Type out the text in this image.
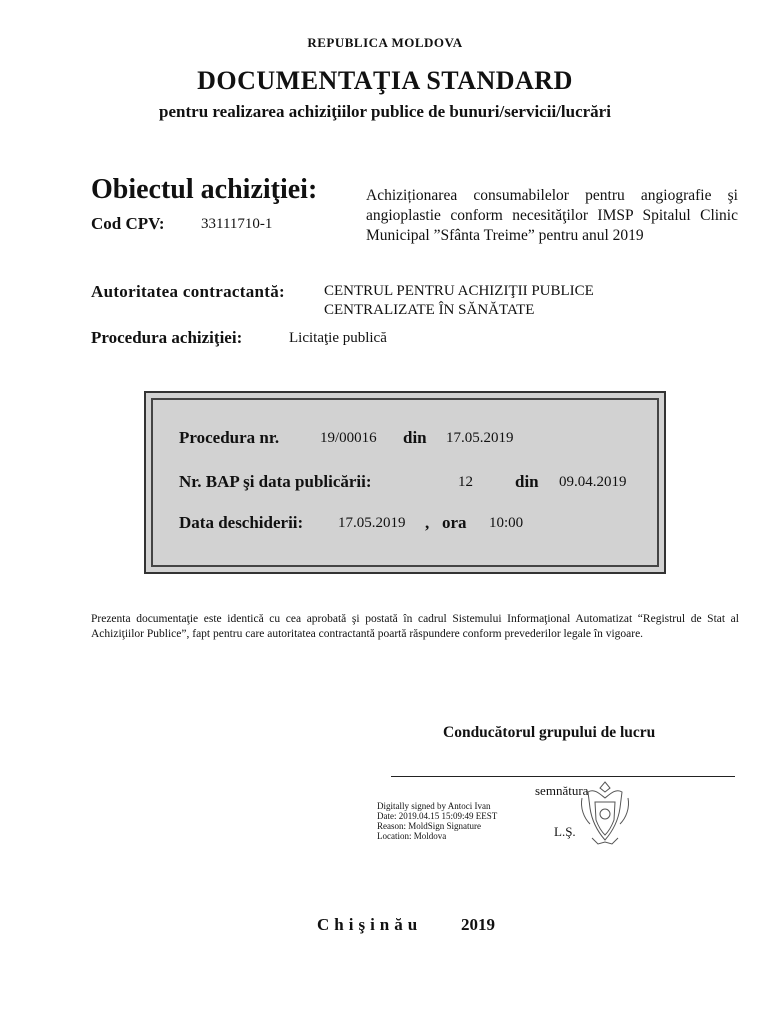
REPUBLICA MOLDOVA
DOCUMENTAŢIA STANDARD
pentru realizarea achiziţiilor publice de bunuri/servicii/lucrări
Obiectul achiziţiei:
Cod CPV: 33111710-1
Achiziționarea consumabilelor pentru angiografie şi angioplastie conform necesităţilor IMSP Spitalul Clinic Municipal ”Sfânta Treime” pentru anul 2019
Autoritatea contractantă:	CENTRUL PENTRU ACHIZIŢII PUBLICE
CENTRALIZATE ÎN SĂNĂTATE
Procedura achiziţiei:	Licitaţie publică
Procedura nr.	19/00016 din 17.05.2019
Nr. BAP şi data publicării:	12 din 09.04.2019
Data deschiderii: 17.05.2019 , ora 10:00
Prezenta documentaţie este identică cu cea aprobată şi postată în cadrul Sistemului Informaţional Automatizat “Registrul de Stat al Achiziţiilor Publice”, fapt pentru care autoritatea contractantă poartă răspundere conform prevederilor legale în vigoare.
Conducătorul grupului de lucru
semnătura
L.Ş.
Digitally signed by Antoci Ivan
Date: 2019.04.15 15:09:49 EEST
Reason: MoldSign Signature
Location: Moldova
Chişinău 2019
